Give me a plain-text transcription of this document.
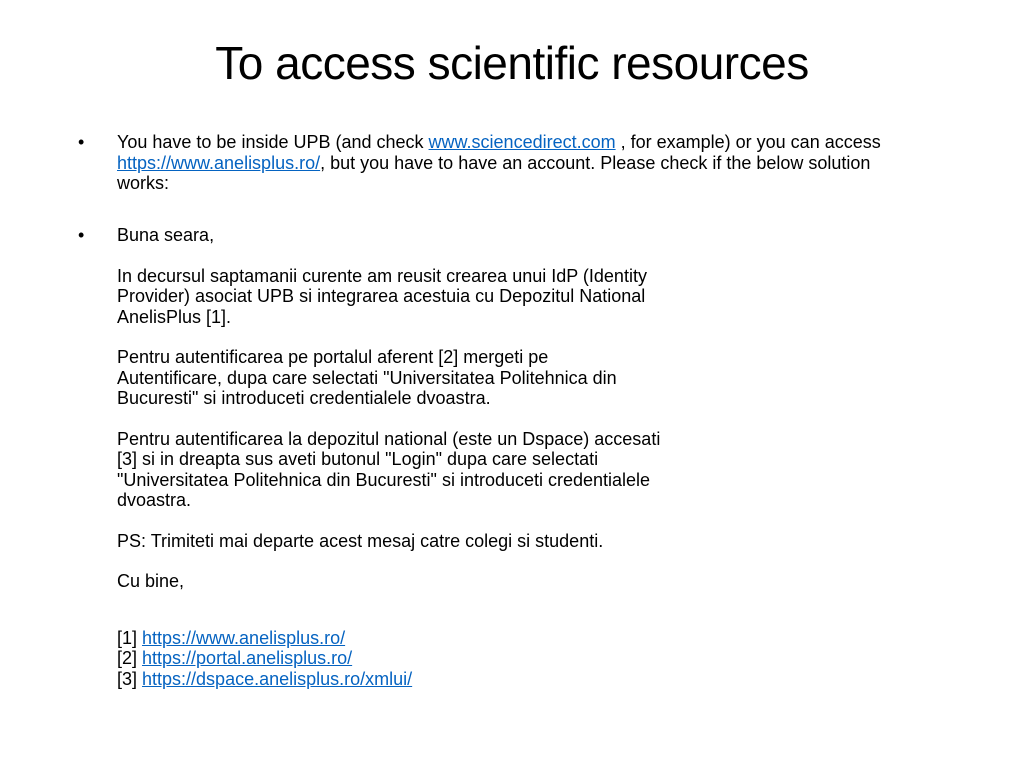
To access scientific resources
• You have to be inside UPB (and check www.sciencedirect.com , for example) or you can access
https://www.anelisplus.ro/, but you have to have an account. Please check if the below solution
works:
• Buna seara,
In decursul saptamanii curente am reusit crearea unui IdP (Identity
Provider) asociat UPB si integrarea acestuia cu Depozitul National
AnelisPlus [1].
Pentru autentificarea pe portalul aferent [2] mergeti pe
Autentificare, dupa care selectati "Universitatea Politehnica din
Bucuresti" si introduceti credentialele dvoastra.
Pentru autentificarea la depozitul national (este un Dspace) accesati
[3] si in dreapta sus aveti butonul "Login" dupa care selectati
"Universitatea Politehnica din Bucuresti" si introduceti credentialele
dvoastra.
PS: Trimiteti mai departe acest mesaj catre colegi si studenti.
Cu bine,
[1] https://www.anelisplus.ro/
[2] https://portal.anelisplus.ro/
[3] https://dspace.anelisplus.ro/xmlui/
